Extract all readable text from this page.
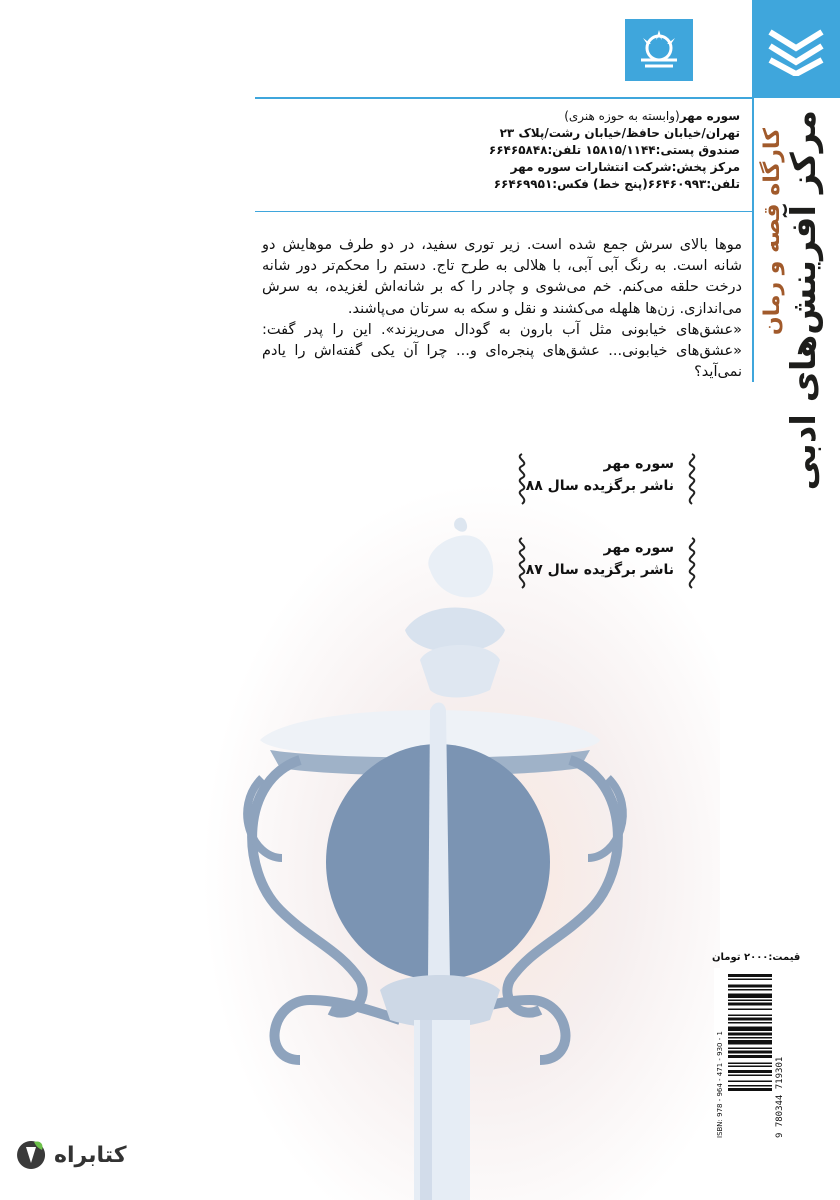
مرکز آفرینش‌های ادبی
کارگاه قصه و رمان
سوره مهر(وابسته به حوزه هنری)
تهران/خیابان حافظ/خیابان رشت/پلاک ۲۳
صندوق پستی:۱۵۸۱۵/۱۱۴۴ تلفن:۶۶۴۶۵۸۴۸
مرکز پخش:شرکت انتشارات سوره مهر
تلفن:۶۶۴۶۰۹۹۳(پنج خط) فکس:۶۶۴۶۹۹۵۱

موها بالای سرش جمع شده است. زیر توری سفید، در دو طرف موهایش دو شانه است. به رنگ آبی آبی، با هلالی به طرح تاج. دستم را محکم‌تر دور شانه درخت حلقه می‌کنم. خم می‌شوی و چادر را که بر شانه‌اش لغزیده، به سرش می‌اندازی. زن‌ها هلهله می‌کشند و نقل و سکه به سرتان می‌پاشند.

«عشق‌های خیابونی مثل آب بارون به گودال می‌ریزند». این را پدر گفت: «عشق‌های خیابونی... عشق‌های پنجره‌ای و... چرا آن یکی گفته‌اش را یادم نمی‌آید؟

سوره مهر
ناشر برگزیده سال ۸۸
سوره مهر
ناشر برگزیده سال ۸۷
قیمت:۲۰۰۰ تومان
ISBN: 978 - 964 - 471 - 930 - 1	9 780344 719301
کتابراه
